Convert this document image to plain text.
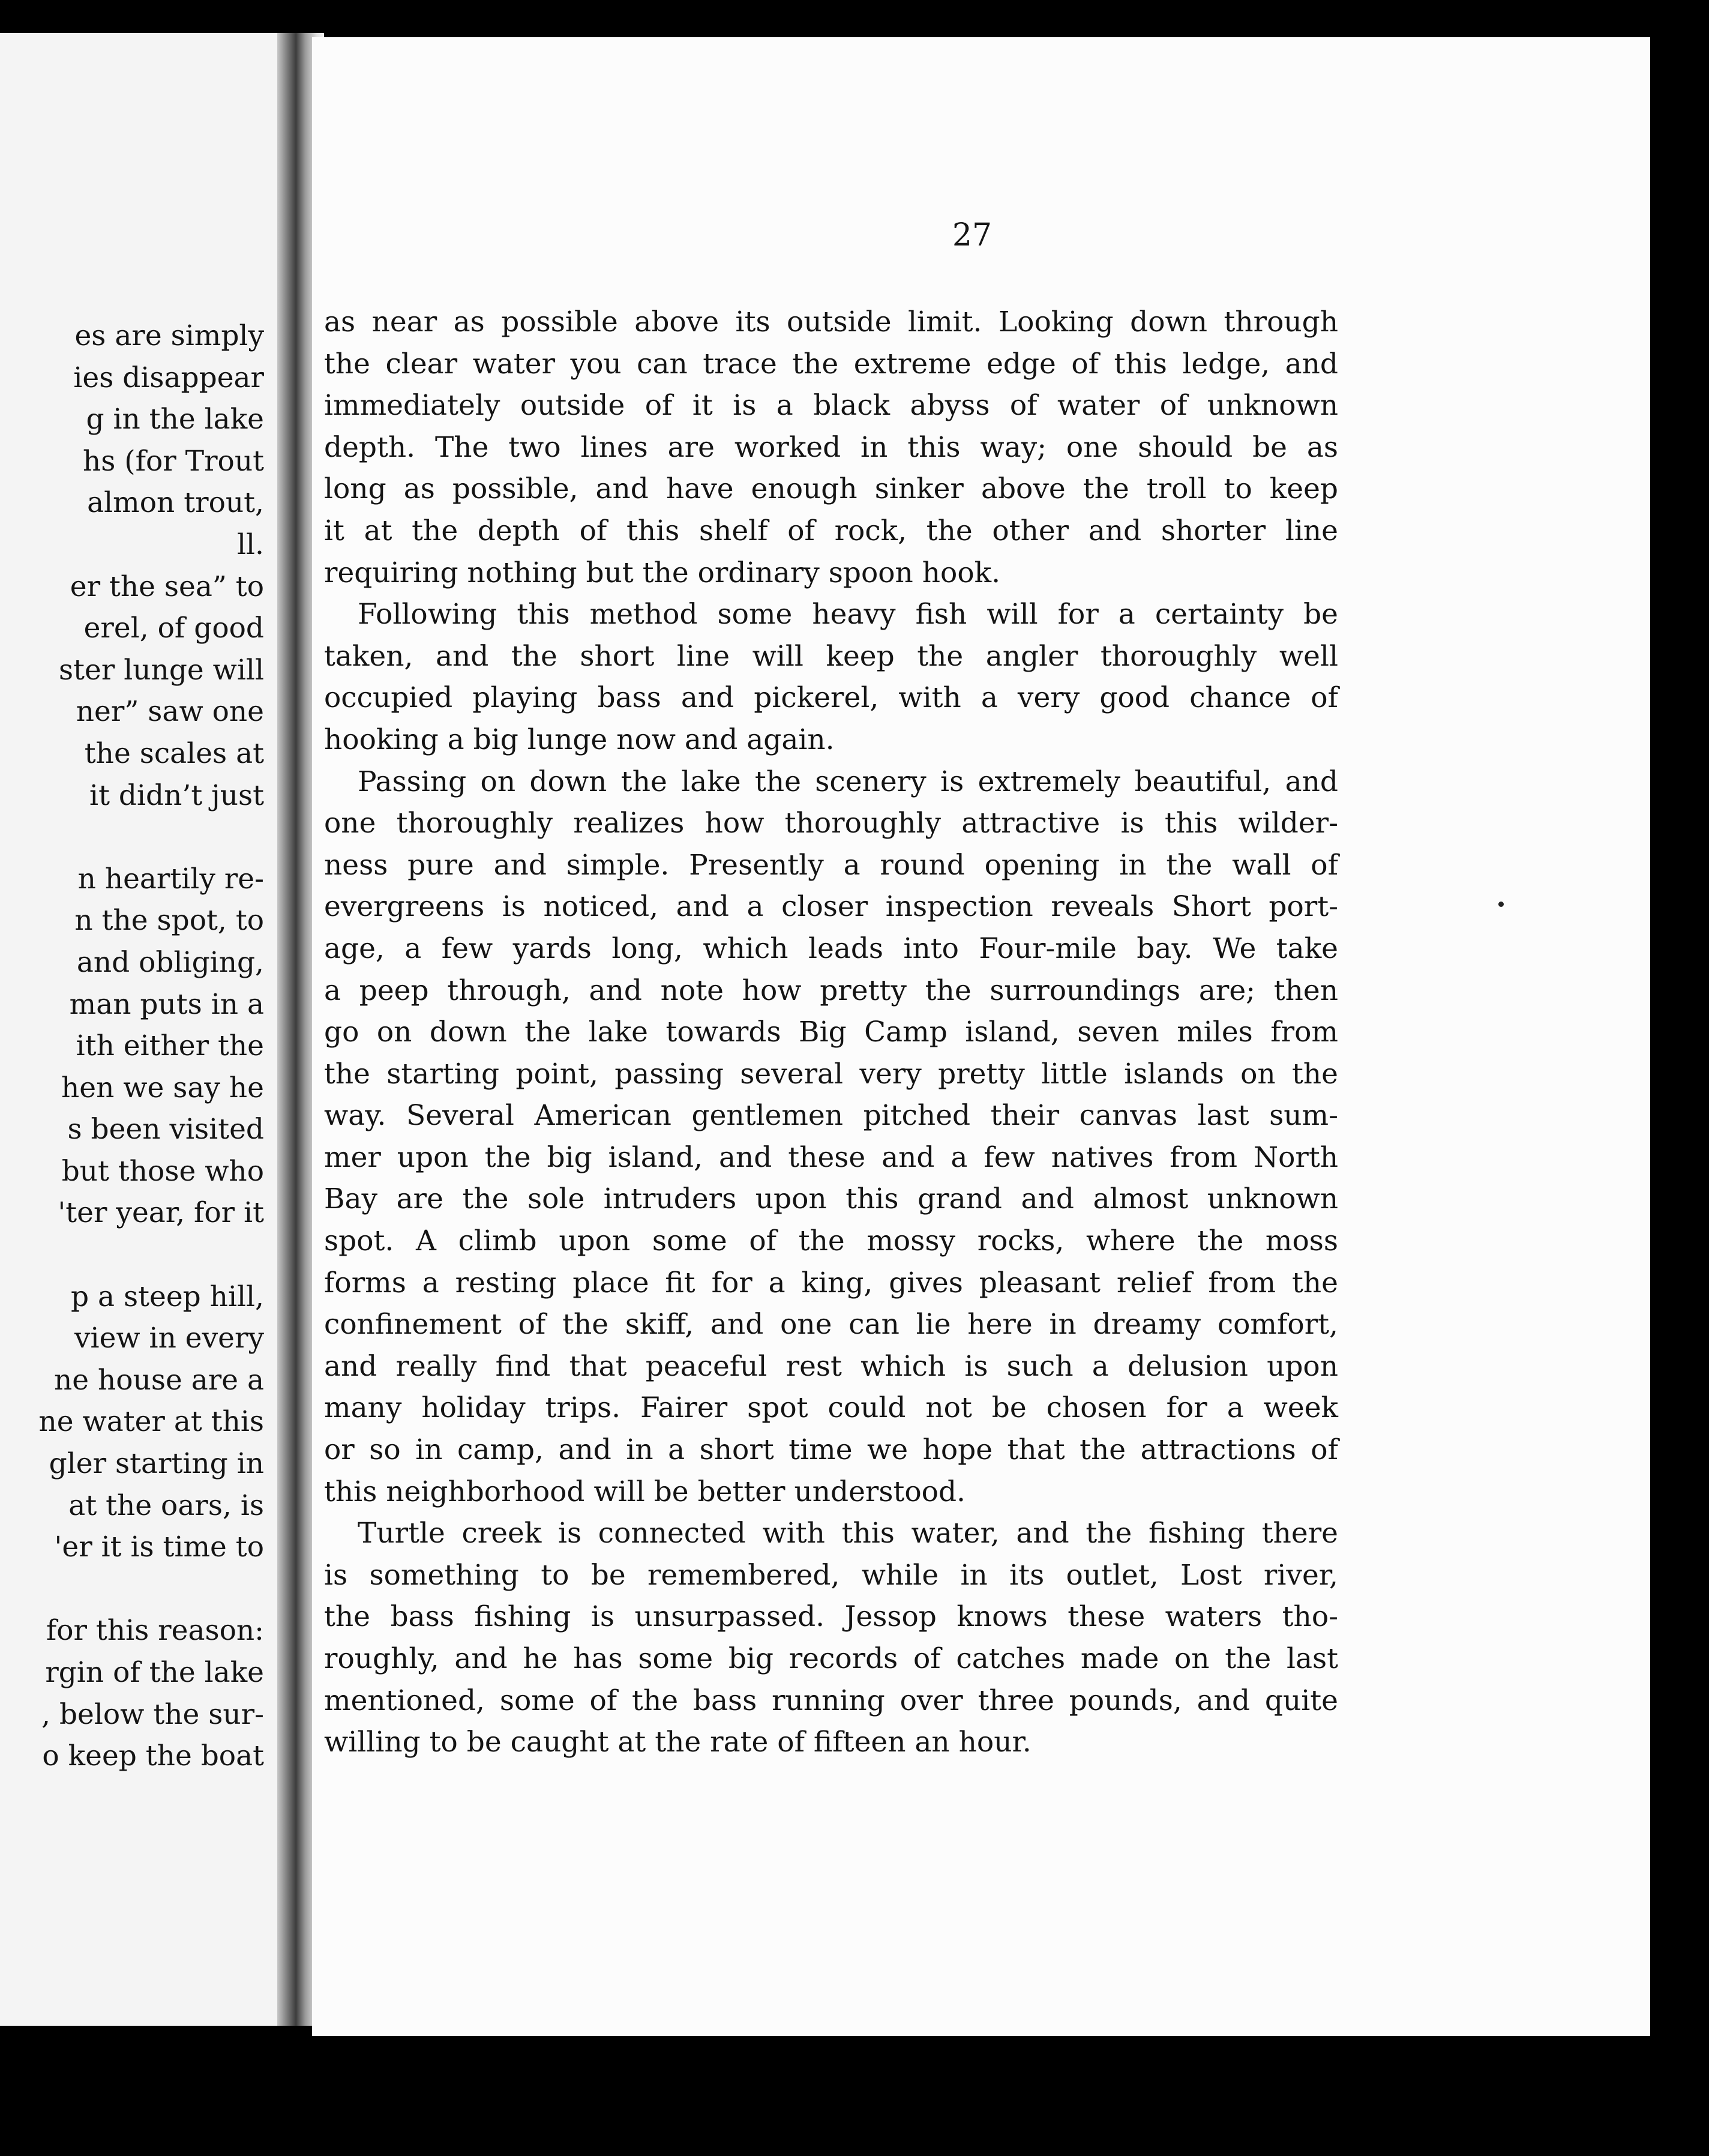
es are simply
ies disappear
g in the lake
hs (for Trout
almon trout,
ll.
er the sea” to
erel, of good
ster lunge will
ner” saw one
the scales at
it didn’t just
n heartily re-
n the spot, to
and obliging,
man puts in a
ith either the
hen we say he
s been visited
but those who
'ter year, for it
p a steep hill,
view in every
ne house are a
ne water at this
gler starting in
at the oars, is
'er it is time to
for this reason:
rgin of the lake
, below the sur-
o keep the boat
27
as near as possible above its outside limit. Looking down through
the clear water you can trace the extreme edge of this ledge, and
immediately outside of it is a black abyss of water of unknown
depth. The two lines are worked in this way; one should be as
long as possible, and have enough sinker above the troll to keep
it at the depth of this shelf of rock, the other and shorter line
requiring nothing but the ordinary spoon hook.
Following this method some heavy fish will for a certainty be
taken, and the short line will keep the angler thoroughly well
occupied playing bass and pickerel, with a very good chance of
hooking a big lunge now and again.
Passing on down the lake the scenery is extremely beautiful, and
one thoroughly realizes how thoroughly attractive is this wilder-
ness pure and simple. Presently a round opening in the wall of
evergreens is noticed, and a closer inspection reveals Short port-
age, a few yards long, which leads into Four-mile bay. We take
a peep through, and note how pretty the surroundings are; then
go on down the lake towards Big Camp island, seven miles from
the starting point, passing several very pretty little islands on the
way. Several American gentlemen pitched their canvas last sum-
mer upon the big island, and these and a few natives from North
Bay are the sole intruders upon this grand and almost unknown
spot. A climb upon some of the mossy rocks, where the moss
forms a resting place fit for a king, gives pleasant relief from the
confinement of the skiff, and one can lie here in dreamy comfort,
and really find that peaceful rest which is such a delusion upon
many holiday trips. Fairer spot could not be chosen for a week
or so in camp, and in a short time we hope that the attractions of
this neighborhood will be better understood.
Turtle creek is connected with this water, and the fishing there
is something to be remembered, while in its outlet, Lost river,
the bass fishing is unsurpassed. Jessop knows these waters tho-
roughly, and he has some big records of catches made on the last
mentioned, some of the bass running over three pounds, and quite
willing to be caught at the rate of fifteen an hour.
